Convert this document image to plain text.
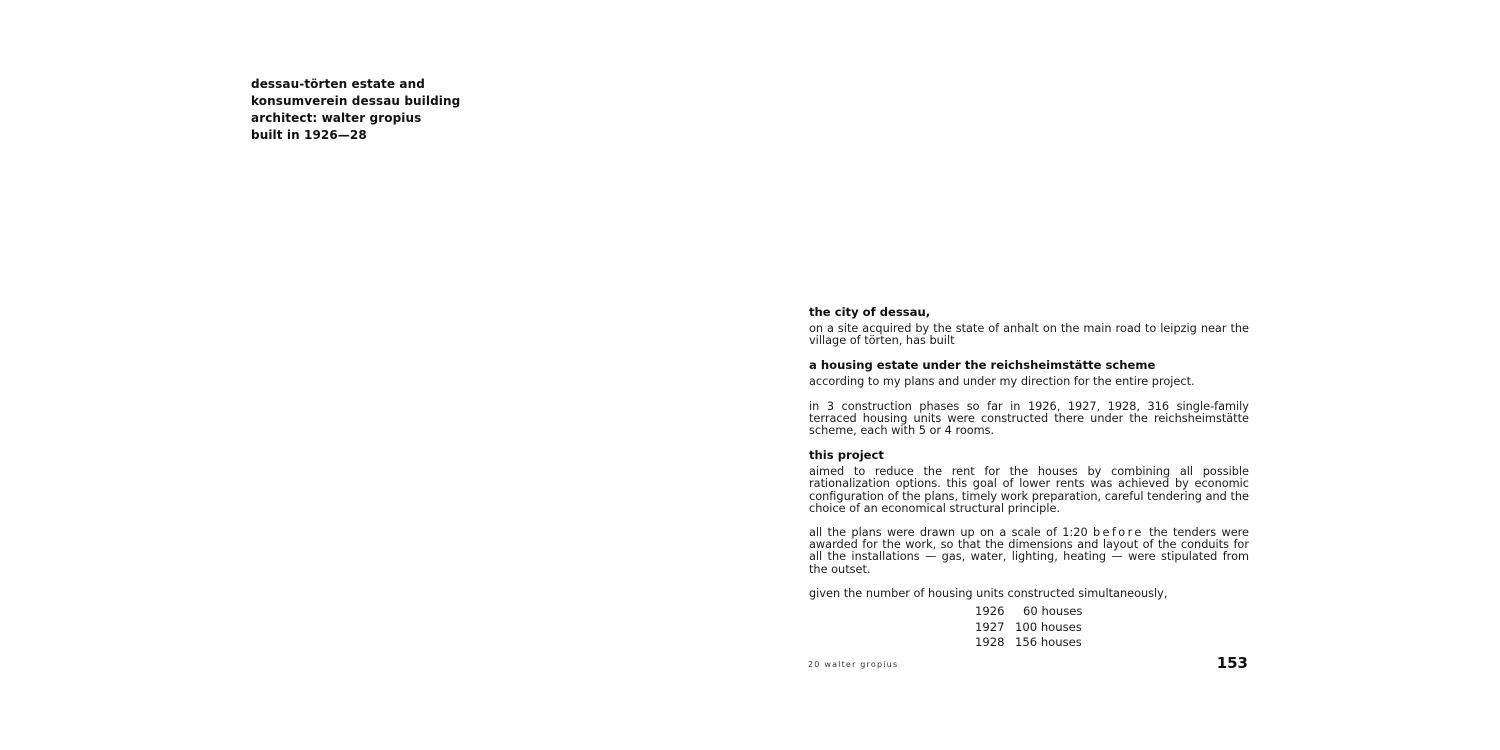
dessau-törten estate and
konsumverein dessau building
architect: walter gropius
built in 1926—28
the city of dessau,

on a site acquired by the state of anhalt on the main road to leipzig near the village of törten, has built

a housing estate under the reichsheimstätte scheme

according to my plans and under my direction for the entire project.

in 3 construction phases so far in 1926, 1927, 1928, 316 single-family terraced housing units were constructed there under the reichsheimstätte scheme, each with 5 or 4 rooms.

this project

aimed to reduce the rent for the houses by combining all possible rationalization options. this goal of lower rents was achieved by economic configuration of the plans, timely work preparation, careful tendering and the choice of an economical structural principle.

all the plans were drawn up on a scale of 1:20 before the tenders were awarded for the work, so that the dimensions and layout of the conduits for all the installations — gas, water, lighting, heating — were stipulated from the outset.

given the number of housing units constructed simultaneously,

1926	60 houses
1927 100 houses
1928 156 houses
20 walter gropius	153
